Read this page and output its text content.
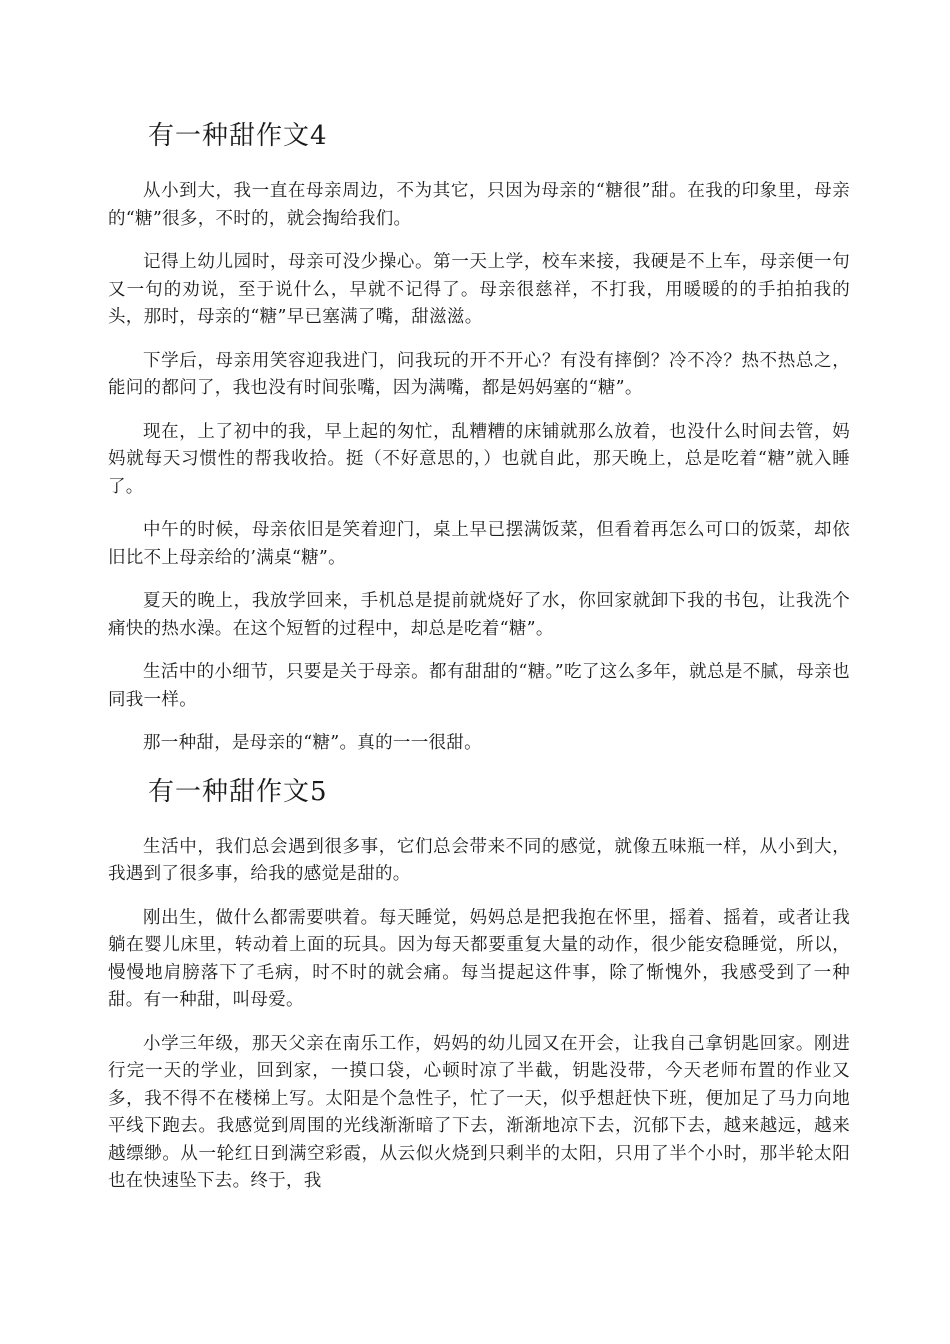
有一种甜作文4

从小到大，我一直在母亲周边，不为其它，只因为母亲的“糖很”甜。在我的印象里，母亲的“糖”很多，不时的，就会掏给我们。

记得上幼儿园时，母亲可没少操心。第一天上学，校车来接，我硬是不上车，母亲便一句又一句的劝说，至于说什么，早就不记得了。母亲很慈祥，不打我，用暖暖的的手拍拍我的头，那时，母亲的“糖”早已塞满了嘴，甜滋滋。

下学后，母亲用笑容迎我进门，问我玩的开不开心？有没有摔倒？冷不冷？热不热总之，能问的都问了，我也没有时间张嘴，因为满嘴，都是妈妈塞的“糖”。

现在，上了初中的我，早上起的匆忙，乱糟糟的床铺就那么放着，也没什么时间去管，妈妈就每天习惯性的帮我收拾。挺（不好意思的，）也就自此，那天晚上，总是吃着“糖”就入睡了。

中午的时候，母亲依旧是笑着迎门，桌上早已摆满饭菜，但看着再怎么可口的饭菜，却依旧比不上母亲给的’满桌“糖”。

夏天的晚上，我放学回来，手机总是提前就烧好了水，你回家就卸下我的书包，让我洗个痛快的热水澡。在这个短暂的过程中，却总是吃着“糖”。

生活中的小细节，只要是关于母亲。都有甜甜的“糖。”吃了这么多年，就总是不腻，母亲也同我一样。

那一种甜，是母亲的“糖”。真的一一很甜。

有一种甜作文5

生活中，我们总会遇到很多事，它们总会带来不同的感觉，就像五味瓶一样，从小到大，我遇到了很多事，给我的感觉是甜的。

刚出生，做什么都需要哄着。每天睡觉，妈妈总是把我抱在怀里，摇着、摇着，或者让我躺在婴儿床里，转动着上面的玩具。因为每天都要重复大量的动作，很少能安稳睡觉，所以，慢慢地肩膀落下了毛病，时不时的就会痛。每当提起这件事，除了惭愧外，我感受到了一种甜。有一种甜，叫母爱。

小学三年级，那天父亲在南乐工作，妈妈的幼儿园又在开会，让我自己拿钥匙回家。刚进行完一天的学业，回到家，一摸口袋，心顿时凉了半截，钥匙没带，今天老师布置的作业又多，我不得不在楼梯上写。太阳是个急性子，忙了一天，似乎想赶快下班，便加足了马力向地平线下跑去。我感觉到周围的光线渐渐暗了下去，渐渐地凉下去，沉郁下去，越来越远，越来越缥缈。从一轮红日到满空彩霞，从云似火烧到只剩半的太阳，只用了半个小时，那半轮太阳也在快速坠下去。终于，我
